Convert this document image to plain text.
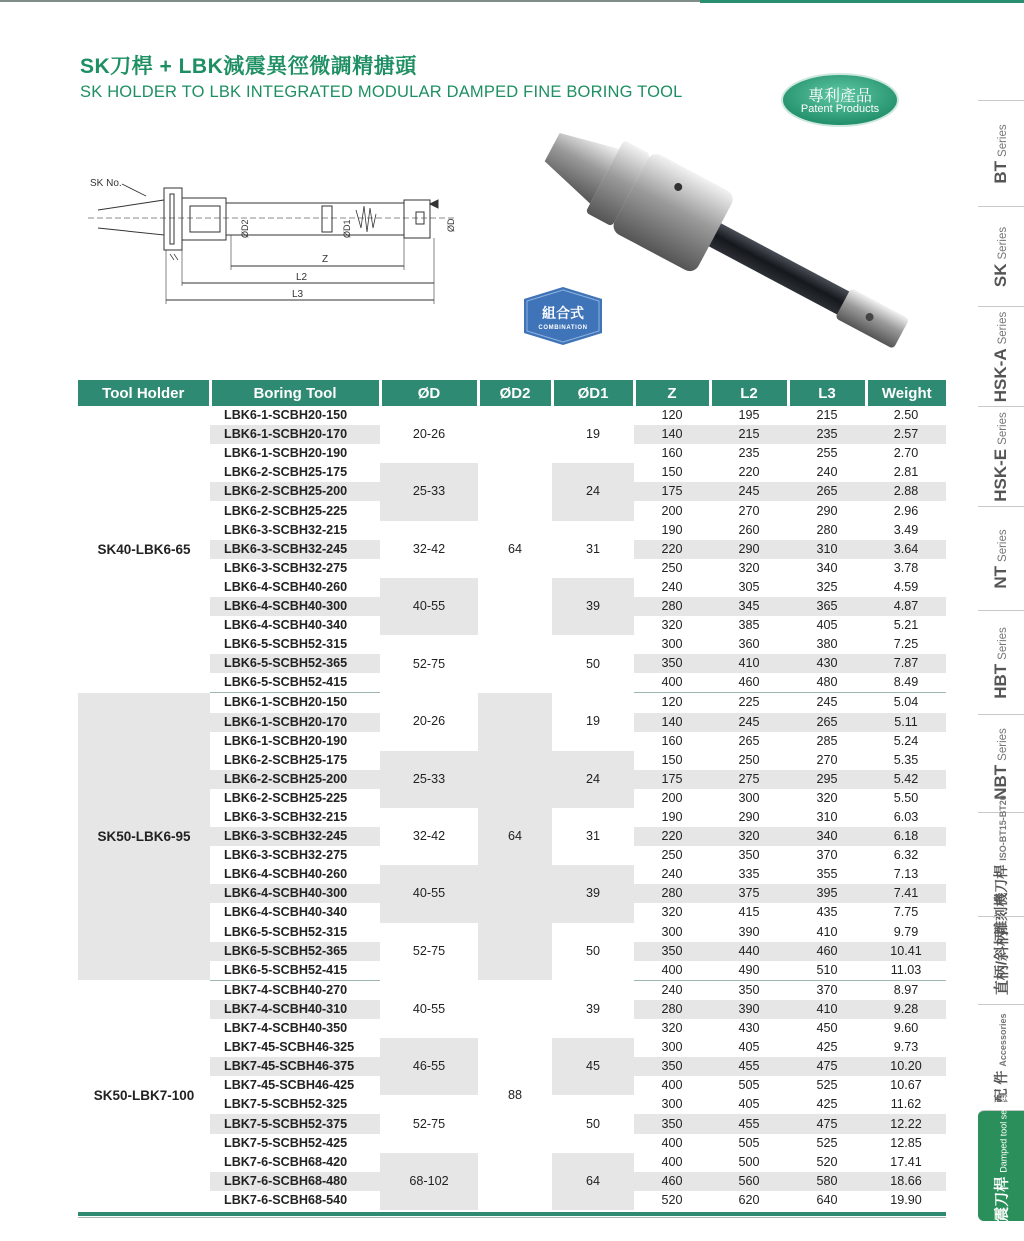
SK刀桿 + LBK減震異徑微調精搪頭
SK HOLDER TO LBK INTEGRATED MODULAR DAMPED FINE BORING TOOL	專利產品
Patent Products
SK No.
ØD2	ØD1	ØD
Z
L2
L3
組合式
COMBINATION
Tool Holder	Boring Tool	ØD	ØD2	ØD1	Z	L2	L3	Weight
SK40-LBK6-65	LBK6-1-SCBH20-150	20-26	64	19	120	195	215	2.50
	LBK6-1-SCBH20-170				140	215	235	2.57
	LBK6-1-SCBH20-190				160	235	255	2.70
	LBK6-2-SCBH25-175	25-33		24	150	220	240	2.81
	LBK6-2-SCBH25-200				175	245	265	2.88
	LBK6-2-SCBH25-225				200	270	290	2.96
	LBK6-3-SCBH32-215	32-42		31	190	260	280	3.49
	LBK6-3-SCBH32-245				220	290	310	3.64
	LBK6-3-SCBH32-275				250	320	340	3.78
	LBK6-4-SCBH40-260	40-55		39	240	305	325	4.59
	LBK6-4-SCBH40-300				280	345	365	4.87
	LBK6-4-SCBH40-340				320	385	405	5.21
	LBK6-5-SCBH52-315	52-75		50	300	360	380	7.25
	LBK6-5-SCBH52-365				350	410	430	7.87
	LBK6-5-SCBH52-415				400	460	480	8.49
SK50-LBK6-95	LBK6-1-SCBH20-150	20-26	64	19	120	225	245	5.04
	LBK6-1-SCBH20-170				140	245	265	5.11
	LBK6-1-SCBH20-190				160	265	285	5.24
	LBK6-2-SCBH25-175	25-33		24	150	250	270	5.35
	LBK6-2-SCBH25-200				175	275	295	5.42
	LBK6-2-SCBH25-225				200	300	320	5.50
	LBK6-3-SCBH32-215	32-42		31	190	290	310	6.03
	LBK6-3-SCBH32-245				220	320	340	6.18
	LBK6-3-SCBH32-275				250	350	370	6.32
	LBK6-4-SCBH40-260	40-55		39	240	335	355	7.13
	LBK6-4-SCBH40-300				280	375	395	7.41
	LBK6-4-SCBH40-340				320	415	435	7.75
	LBK6-5-SCBH52-315	52-75		50	300	390	410	9.79
	LBK6-5-SCBH52-365				350	440	460	10.41
	LBK6-5-SCBH52-415				400	490	510	11.03
SK50-LBK7-100	LBK7-4-SCBH40-270	40-55	88	39	240	350	370	8.97
	LBK7-4-SCBH40-310				280	390	410	9.28
	LBK7-4-SCBH40-350				320	430	450	9.60
	LBK7-45-SCBH46-325	46-55		45	300	405	425	9.73
	LBK7-45-SCBH46-375				350	455	475	10.20
	LBK7-45-SCBH46-425				400	505	525	10.67
	LBK7-5-SCBH52-325	52-75		50	300	405	425	11.62
	LBK7-5-SCBH52-375				350	455	475	12.22
	LBK7-5-SCBH52-425				400	505	525	12.85
	LBK7-6-SCBH68-420	68-102		64	400	500	520	17.41
	LBK7-6-SCBH68-480				460	560	580	18.66
	LBK7-6-SCBH68-540				520	620	640	19.90
BTSeries
SKSeries
HSK-ASeries
HSK-ESeries
NTSeries
HBTSeries
NBTSeries
雕刻機刀桿ISO-BT15-BT20
直柄/斜柄
配 件Accessories
減震刀桿Damped tool series
